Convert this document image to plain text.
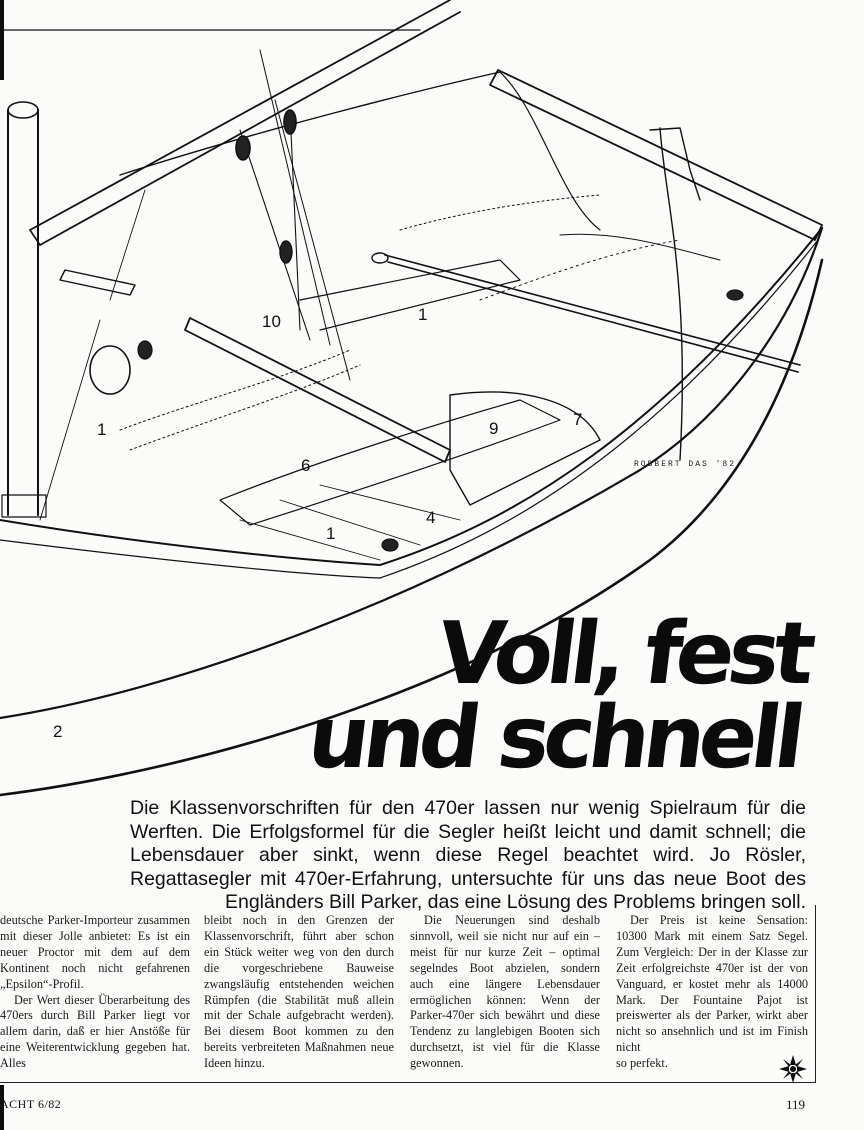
10	1
1	9	7
6
4
1
2
ROBBERT DAS '82
Voll, fest
und schnell
Die Klassenvorschriften für den 470er lassen nur wenig Spielraum für die Werften. Die Erfolgsformel für die Segler heißt leicht und damit schnell; die Lebensdauer aber sinkt, wenn diese Regel beachtet wird. Jo Rösler, Regattasegler mit 470er-Erfahrung, untersuchte für uns das neue Boot des Engländers Bill Parker, das eine Lösung des Problems bringen soll.

deutsche Parker-Importeur zusammen mit dieser Jolle anbietet: Es ist ein neuer Proctor mit dem auf dem Kontinent noch nicht gefahrenen „Epsilon“-Profil.

Der Wert dieser Überarbeitung des 470ers durch Bill Parker liegt vor allem darin, daß er hier Anstöße für eine Weiterentwicklung gegeben hat. Alles

bleibt noch in den Grenzen der Klassenvorschrift, führt aber schon ein Stück weiter weg von den durch die vorgeschriebene Bauweise zwangsläufig entstehenden weichen Rümpfen (die Stabilität muß allein mit der Schale aufgebracht werden). Bei diesem Boot kommen zu den bereits verbreiteten Maßnahmen neue Ideen hinzu.

Die Neuerungen sind deshalb sinnvoll, weil sie nicht nur auf ein – meist für nur kurze Zeit – optimal segelndes Boot abzielen, sondern auch eine längere Lebensdauer ermöglichen können: Wenn der Parker-470er sich bewährt und diese Tendenz zu langlebigen Booten sich durchsetzt, ist viel für die Klasse gewonnen.

Der Preis ist keine Sensation: 10300 Mark mit einem Satz Segel. Zum Vergleich: Der in der Klasse zur Zeit erfolgreichste 470er ist der von Vanguard, er kostet mehr als 14000 Mark. Der Fountaine Pajot ist preiswerter als der Parker, wirkt aber nicht so ansehnlich und ist im Finish nicht

so perfekt.

ACHT 6/82	119
